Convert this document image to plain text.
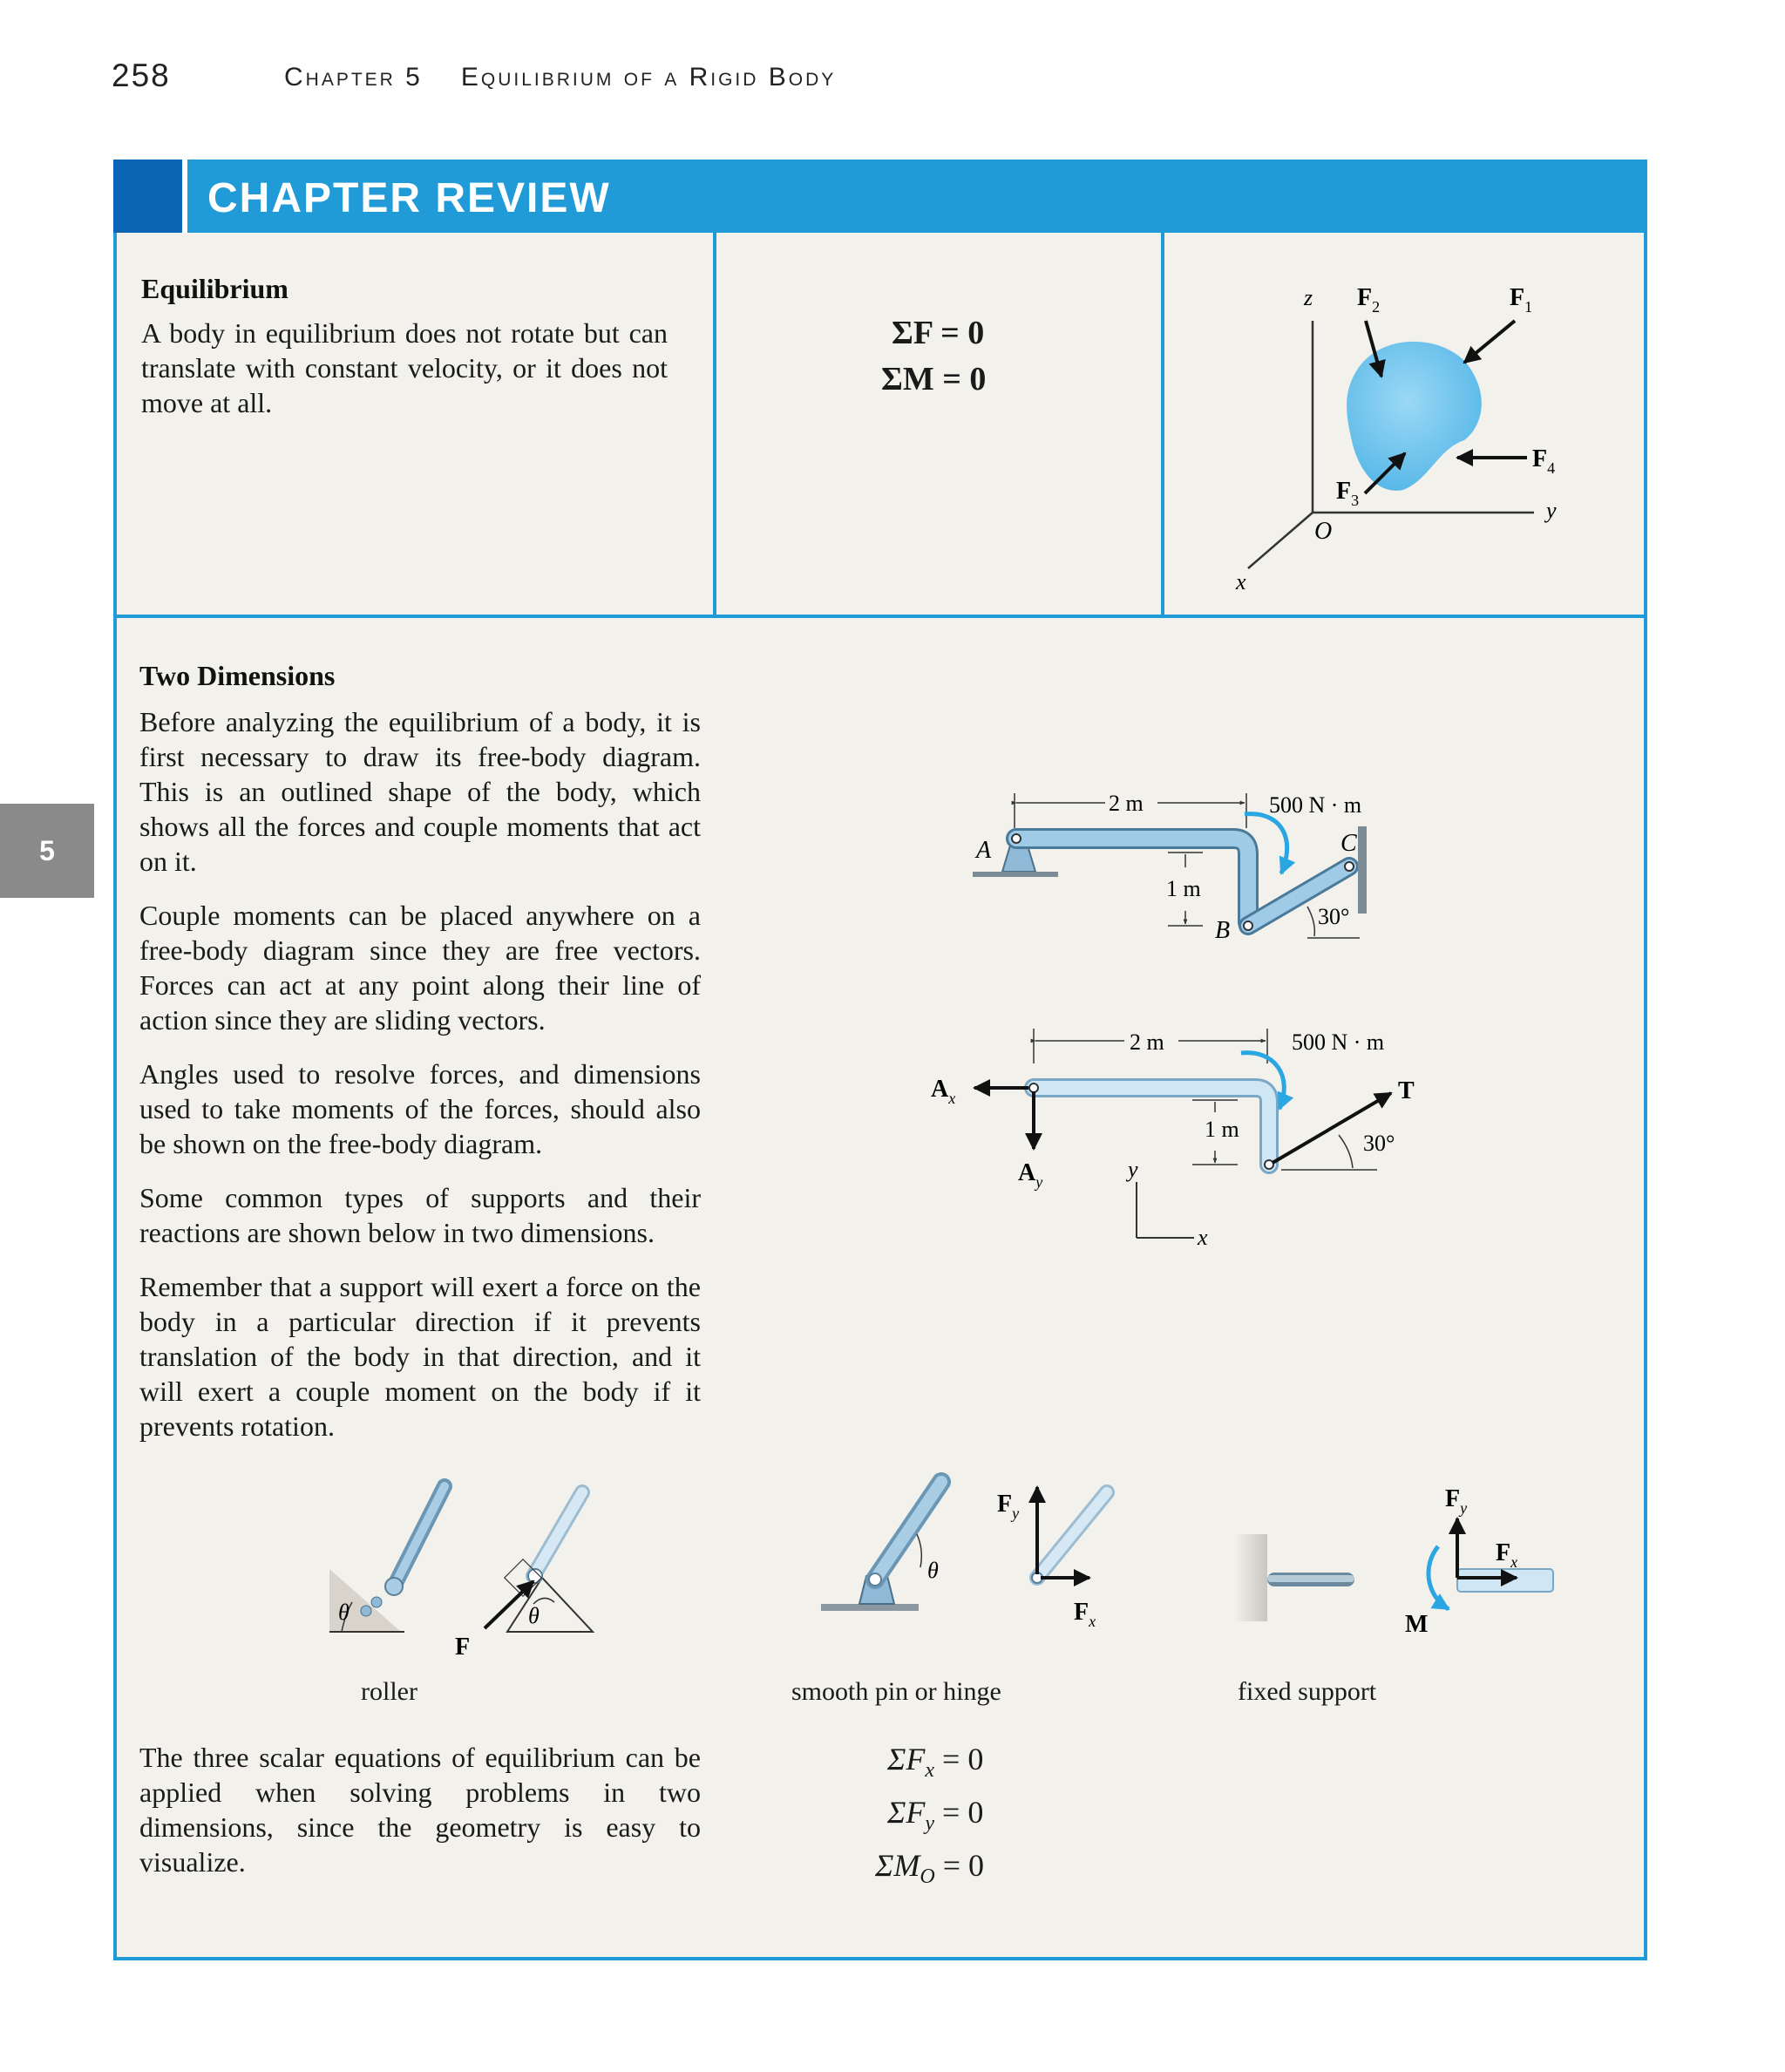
258	Chapter 5 Equilibrium of a Rigid Body
5
CHAPTER REVIEW
Equilibrium
A body in equilibrium does not rotate but can translate with constant velocity, or it does not move at all.
ΣF = 0
ΣM = 0
z
y
x
O
$F_2$	$F_1$
$F_4$
$F_3$
Two Dimensions
Before analyzing the equilibrium of a body, it is first necessary to draw its free-body diagram. This is an outlined shape of the body, which shows all the forces and couple moments that act on it.
Couple moments can be placed anywhere on a free-body diagram since they are free vectors. Forces can act at any point along their line of action since they are sliding vectors.
Angles used to resolve forces, and dimensions used to take moments of the forces, should also be shown on the free-body diagram.
Some common types of supports and their reactions are shown below in two dimensions.
Remember that a support will exert a force on the body in a particular direction if it prevents translation of the body in that direction, and it will exert a couple moment on the body if it prevents rotation.
2 m	500 N · m
1 m
A
B
C
30°
2 m	500 N · m
1 m
$A_x$
$A_y$
T
30°
y
x
θ	θ
F
θ
$F_y$
$F_x$
$F_y$
$F_x$
M
roller	smooth pin or hinge	fixed support
The three scalar equations of equilibrium can be applied when solving problems in two dimensions, since the geometry is easy to visualize.
$\Sigma F_x = 0$
$\Sigma F_y = 0$
$\Sigma M_O = 0$
